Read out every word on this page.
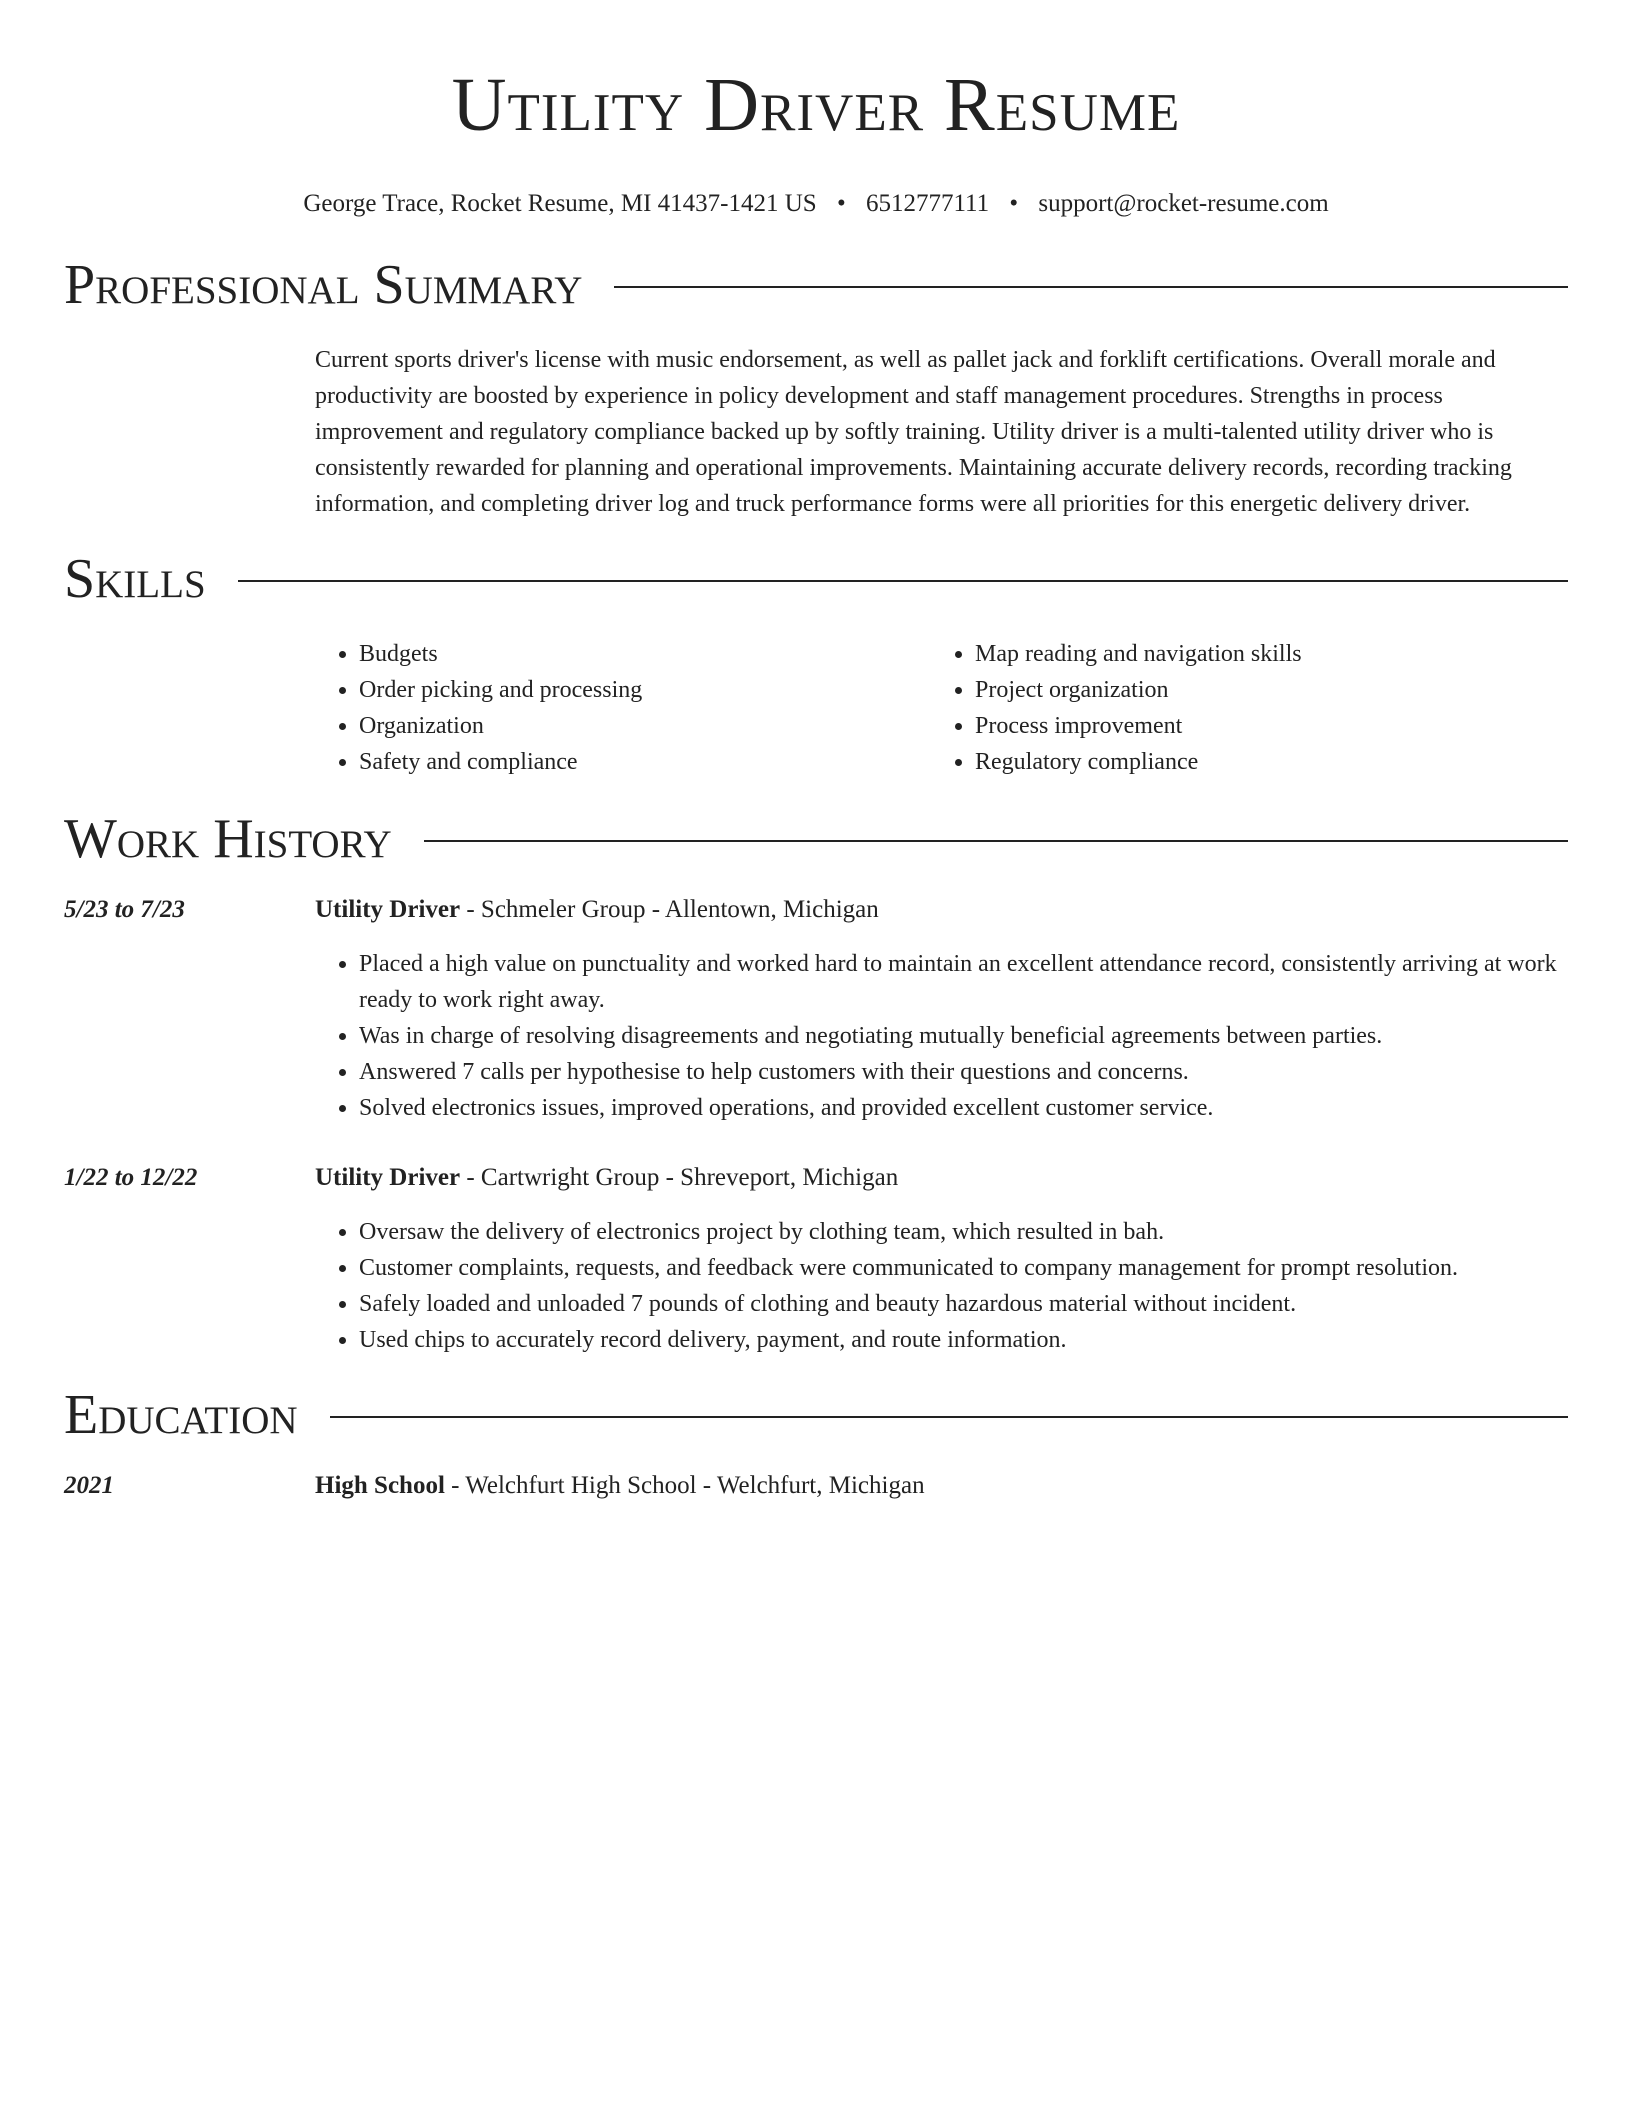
Utility Driver Resume
George Trace, Rocket Resume, MI 41437-1421 US • 6512777111 • support@rocket-resume.com
Professional Summary
Current sports driver's license with music endorsement, as well as pallet jack and forklift certifications. Overall morale and productivity are boosted by experience in policy development and staff management procedures. Strengths in process improvement and regulatory compliance backed up by softly training. Utility driver is a multi-talented utility driver who is consistently rewarded for planning and operational improvements. Maintaining accurate delivery records, recording tracking information, and completing driver log and truck performance forms were all priorities for this energetic delivery driver.
Skills
• Budgets
• Order picking and processing
• Organization
• Safety and compliance
• Map reading and navigation skills
• Project organization
• Process improvement
• Regulatory compliance
Work History
5/23 to 7/23	Utility Driver - Schmeler Group - Allentown, Michigan
• Placed a high value on punctuality and worked hard to maintain an excellent attendance record, consistently arriving at work ready to work right away.
• Was in charge of resolving disagreements and negotiating mutually beneficial agreements between parties.
• Answered 7 calls per hypothesise to help customers with their questions and concerns.
• Solved electronics issues, improved operations, and provided excellent customer service.
1/22 to 12/22	Utility Driver - Cartwright Group - Shreveport, Michigan
• Oversaw the delivery of electronics project by clothing team, which resulted in bah.
• Customer complaints, requests, and feedback were communicated to company management for prompt resolution.
• Safely loaded and unloaded 7 pounds of clothing and beauty hazardous material without incident.
• Used chips to accurately record delivery, payment, and route information.
Education
2021	High School - Welchfurt High School - Welchfurt, Michigan
